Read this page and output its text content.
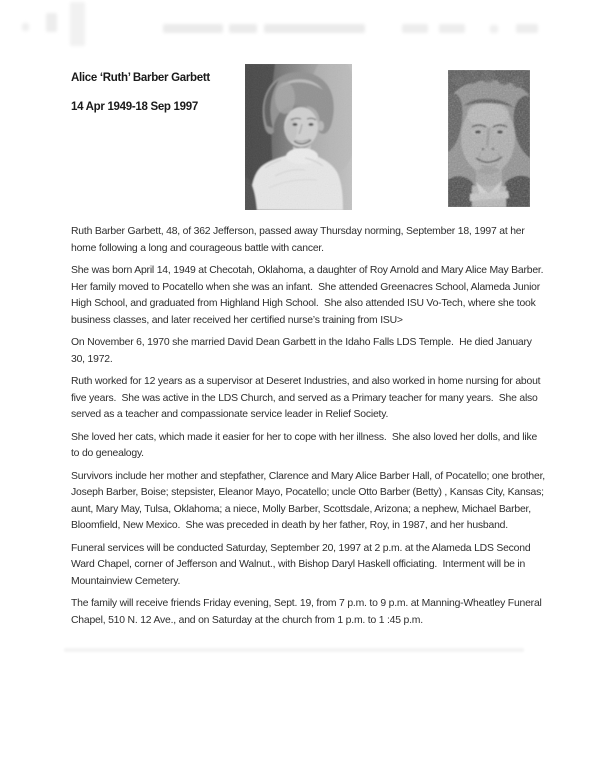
Alice ‘Ruth’ Barber Garbett
14 Apr 1949-18 Sep 1997

Ruth Barber Garbett, 48, of 362 Jefferson, passed away Thursday norming, September 18, 1997 at her home following a long and courageous battle with cancer.

She was born April 14, 1949 at Checotah, Oklahoma, a daughter of Roy Arnold and Mary Alice May Barber.  Her family moved to Pocatello when she was an infant.  She attended Greenacres School, Alameda Junior High School, and graduated from Highland High School.  She also attended ISU Vo-Tech, where she took business classes, and later received her certified nurse’s training from ISU>

On November 6, 1970 she married David Dean Garbett in the Idaho Falls LDS Temple.  He died January 30, 1972.

Ruth worked for 12 years as a supervisor at Deseret Industries, and also worked in home nursing for about five years.  She was active in the LDS Church, and served as a Primary teacher for many years.  She also served as a teacher and compassionate service leader in Relief Society.

She loved her cats, which made it easier for her to cope with her illness.  She also loved her dolls, and like to do genealogy.

Survivors include her mother and stepfather, Clarence and Mary Alice Barber Hall, of Pocatello; one brother, Joseph Barber, Boise; stepsister, Eleanor Mayo, Pocatello; uncle Otto Barber (Betty) , Kansas City, Kansas; aunt, Mary May, Tulsa, Oklahoma; a niece, Molly Barber, Scottsdale, Arizona; a nephew, Michael Barber, Bloomfield, New Mexico.  She was preceded in death by her father, Roy, in 1987, and her husband.

Funeral services will be conducted Saturday, September 20, 1997 at 2 p.m. at the Alameda LDS Second Ward Chapel, corner of Jefferson and Walnut., with Bishop Daryl Haskell officiating.  Interment will be in Mountainview Cemetery.

The family will receive friends Friday evening, Sept. 19, from 7 p.m. to 9 p.m. at Manning-Wheatley Funeral Chapel, 510 N. 12 Ave., and on Saturday at the church from 1 p.m. to 1 :45 p.m.
